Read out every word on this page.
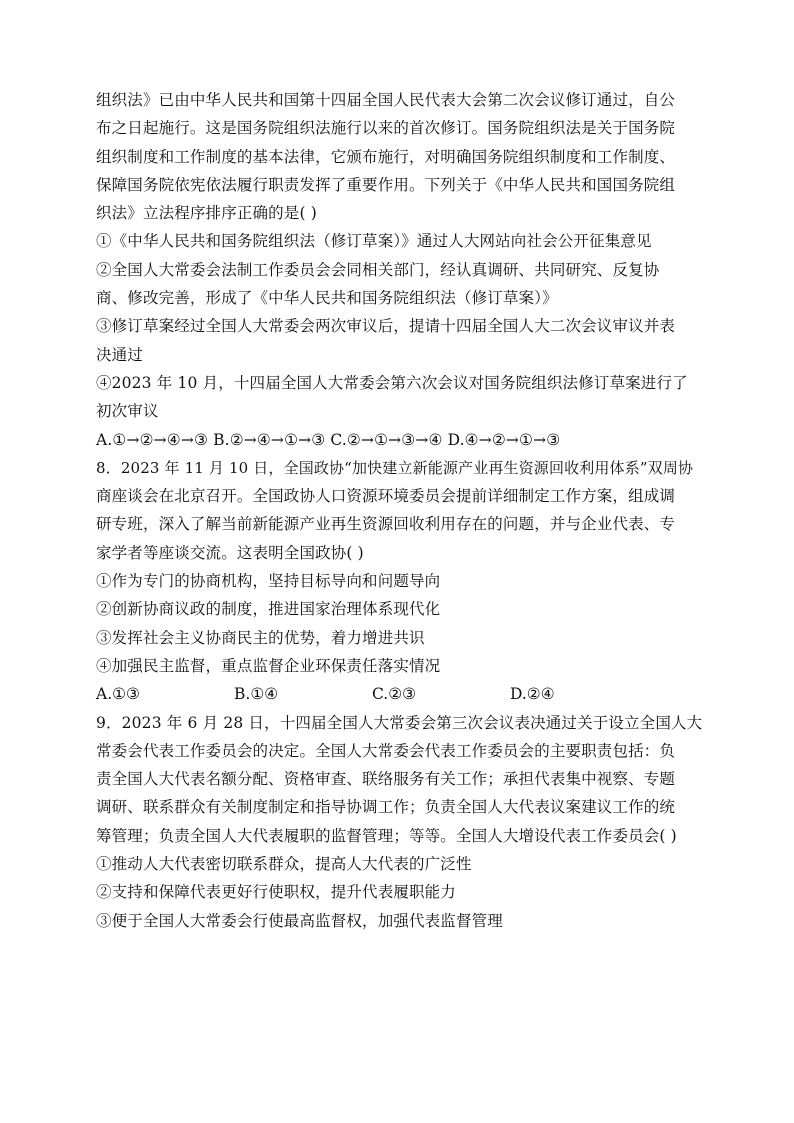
组织法》已由中华人民共和国第十四届全国人民代表大会第二次会议修订通过，自公
布之日起施行。这是国务院组织法施行以来的首次修订。国务院组织法是关于国务院
组织制度和工作制度的基本法律，它颁布施行，对明确国务院组织制度和工作制度、
保障国务院依宪依法履行职责发挥了重要作用。下列关于《中华人民共和国国务院组
织法》立法程序排序正确的是( )
①《中华人民共和国务院组织法（修订草案）》通过人大网站向社会公开征集意见
②全国人大常委会法制工作委员会会同相关部门，经认真调研、共同研究、反复协
商、修改完善，形成了《中华人民共和国务院组织法（修订草案）》
③修订草案经过全国人大常委会两次审议后，提请十四届全国人大二次会议审议并表
决通过
④2023 年 10 月，十四届全国人大常委会第六次会议对国务院组织法修订草案进行了
初次审议
A.①→②→④→③ B.②→④→①→③ C.②→①→③→④ D.④→②→①→③
8．2023 年 11 月 10 日，全国政协“加快建立新能源产业再生资源回收利用体系”双周协
商座谈会在北京召开。全国政协人口资源环境委员会提前详细制定工作方案，组成调
研专班，深入了解当前新能源产业再生资源回收利用存在的问题，并与企业代表、专
家学者等座谈交流。这表明全国政协( )
①作为专门的协商机构，坚持目标导向和问题导向
②创新协商议政的制度，推进国家治理体系现代化
③发挥社会主义协商民主的优势，着力增进共识
④加强民主监督，重点监督企业环保责任落实情况
A.①③	B.①④	C.②③	D.②④
9．2023 年 6 月 28 日，十四届全国人大常委会第三次会议表决通过关于设立全国人大
常委会代表工作委员会的决定。全国人大常委会代表工作委员会的主要职责包括：负
责全国人大代表名额分配、资格审查、联络服务有关工作；承担代表集中视察、专题
调研、联系群众有关制度制定和指导协调工作；负责全国人大代表议案建议工作的统
筹管理；负责全国人大代表履职的监督管理；等等。全国人大增设代表工作委员会( )
①推动人大代表密切联系群众，提高人大代表的广泛性
②支持和保障代表更好行使职权，提升代表履职能力
③便于全国人大常委会行使最高监督权，加强代表监督管理
